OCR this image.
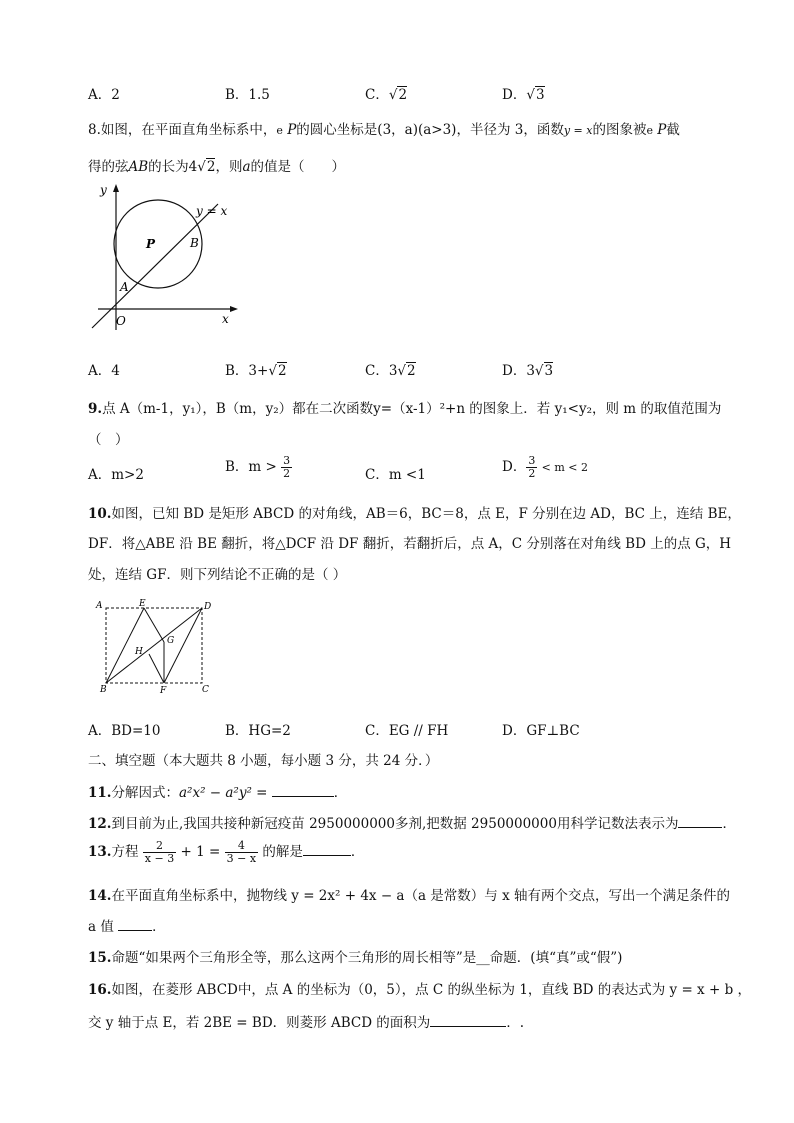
A．2	B．1.5	C．√2	D．√3
8.如图，在平面直角坐标系中，e P的圆心坐标是(3，a)(a>3)，半径为 3，函数y = x的图象被e P截
得的弦AB的长为4√2，则a的值是（　　）
y
x
O
A
B
P
y = x
A．4	B．3+√2	C．3√2	D．3√3
9.点 A（m-1，y₁），B（m，y₂）都在二次函数y=（x-1）²+n 的图象上．若 y₁<y₂，则 m 的取值范围为
（　）
A．m>2	B．$m > \frac{3}{2}$	C．m <1	D． $\frac{3}{2} < m < 2$
10.如图，已知 BD 是矩形 ABCD 的对角线，AB＝6，BC＝8，点 E，F 分别在边 AD，BC 上，连结 BE，
DF．将△ABE 沿 BE 翻折，将△DCF 沿 DF 翻折，若翻折后，点 A，C 分别落在对角线 BD 上的点 G，H
处，连结 GF．则下列结论不正确的是（ ）
A	E	D
H
G
B	F	C
A．BD=10	B．HG=2	C．EG // FH	D．GF⊥BC
二、填空题（本大题共 8 小题，每小题 3 分，共 24 分．）
11.分解因式：a²x² − a²y² =	．
12.到目前为止,我国共接种新冠疫苗 2950000000多剂,把数据 2950000000用科学记数法表示为	．
13.方程 $\frac{2}{x - 3} + 1 = \frac{4}{3 - x}$ 的解是	．
14.在平面直角坐标系中，抛物线 y = 2x² + 4x − a（a 是常数）与 x 轴有两个交点，写出一个满足条件的
a 值	．
15.命题“如果两个三角形全等，那么这两个三角形的周长相等”是__命题．(填“真”或“假”)
16.如图，在菱形 ABCD中，点 A 的坐标为（0，5），点 C 的纵坐标为 1，直线 BD 的表达式为 y = x + b ，
交 y 轴于点 E，若 2BE = BD．则菱形 ABCD 的面积为	．.
